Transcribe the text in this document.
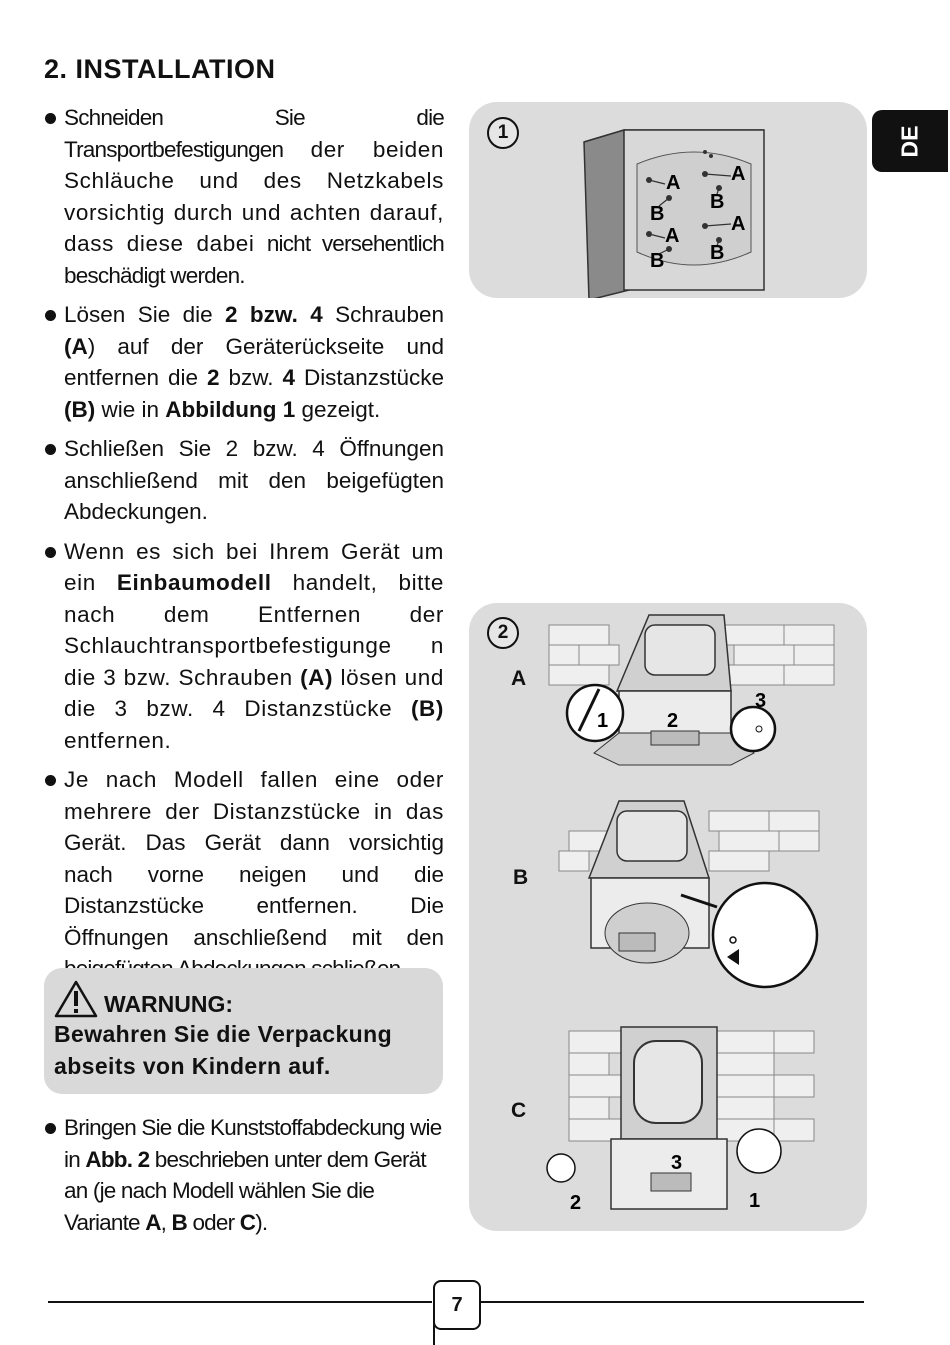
2. INSTALLATION
Schneiden Sie die Transportbefestigungen der beiden Schläuche und des Netzkabels vorsichtig durch und achten darauf, dass diese dabei nicht versehentlich beschädigt werden.
Lösen Sie die 2 bzw. 4 Schrauben (A) auf der Geräterückseite und entfernen die 2 bzw. 4 Distanzstücke (B) wie in Abbildung 1 gezeigt.
Schließen Sie 2 bzw. 4 Öffnungen anschließend mit den beigefügten Abdeckungen.
Wenn es sich bei Ihrem Gerät um ein Einbaumodell handelt, bitte nach dem Entfernen der Schlauchtransportbefestigunge n die 3 bzw. Schrauben (A) lösen und die 3 bzw. 4 Distanzstücke (B) entfernen.
Je nach Modell fallen eine oder mehrere der Distanzstücke in das Gerät. Das Gerät dann vorsichtig nach vorne neigen und die Distanzstücke entfernen. Die Öffnungen anschließend mit den
WARNUNG:
Bewahren Sie die Verpackung abseits von Kindern auf.
Bringen Sie die Kunststoffabdeckung wie in Abb. 2 beschrieben unter dem Gerät an (je nach Modell wählen Sie die Variante A, B oder C).
1
A
B
A
B
A
B
A
B
2
A
B
C
1	2
3
3
2	1
DE
7
